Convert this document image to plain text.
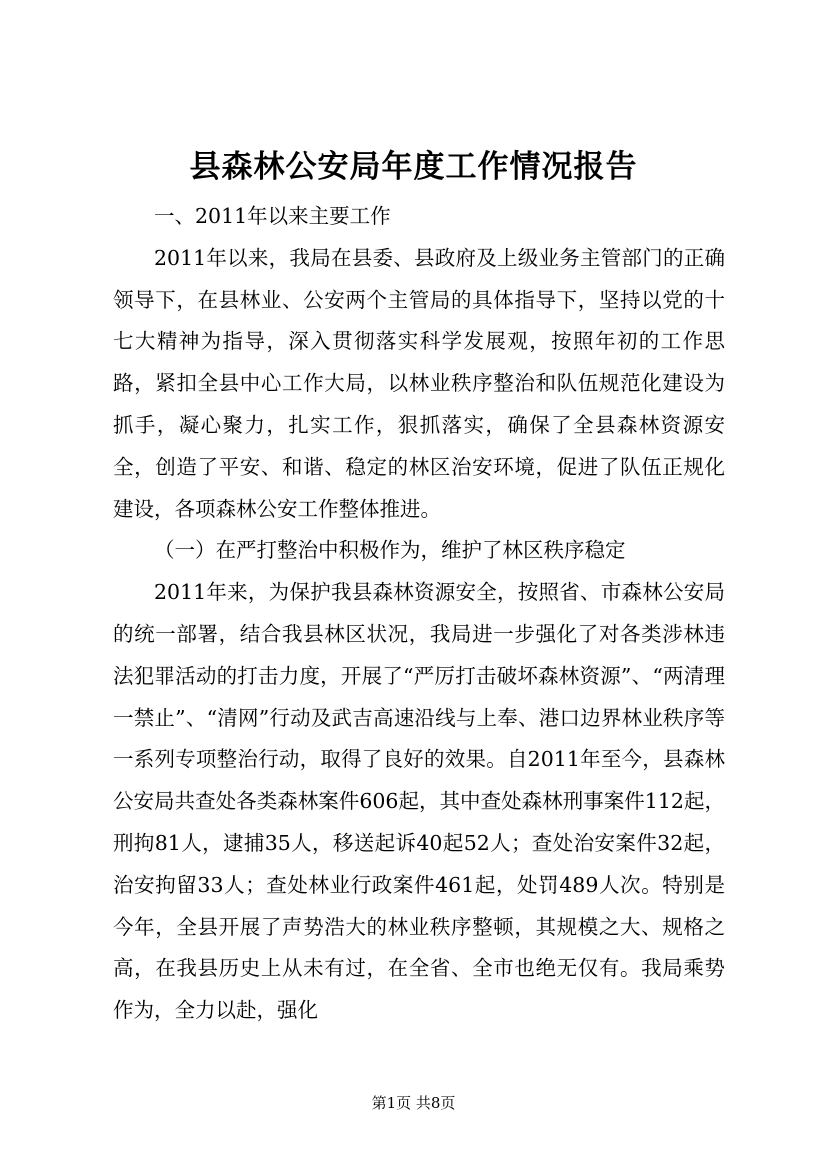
县森林公安局年度工作情况报告

一、2011年以来主要工作

2011年以来，我局在县委、县政府及上级业务主管部门的正确领导下，在县林业、公安两个主管局的具体指导下，坚持以党的十七大精神为指导，深入贯彻落实科学发展观，按照年初的工作思路，紧扣全县中心工作大局，以林业秩序整治和队伍规范化建设为抓手，凝心聚力，扎实工作，狠抓落实，确保了全县森林资源安全，创造了平安、和谐、稳定的林区治安环境，促进了队伍正规化建设，各项森林公安工作整体推进。

（一）在严打整治中积极作为，维护了林区秩序稳定

2011年来，为保护我县森林资源安全，按照省、市森林公安局的统一部署，结合我县林区状况，我局进一步强化了对各类涉林违法犯罪活动的打击力度，开展了“严厉打击破坏森林资源”、“两清理一禁止”、“清网”行动及武吉高速沿线与上奉、港口边界林业秩序等一系列专项整治行动，取得了良好的效果。自2011年至今，县森林公安局共查处各类森林案件606起，其中查处森林刑事案件112起，刑拘81人，逮捕35人，移送起诉40起52人；查处治安案件32起，治安拘留33人；查处林业行政案件461起，处罚489人次。特别是今年，全县开展了声势浩大的林业秩序整顿，其规模之大、规格之高，在我县历史上从未有过，在全省、全市也绝无仅有。我局乘势作为，全力以赴，强化

第1页 共8页
